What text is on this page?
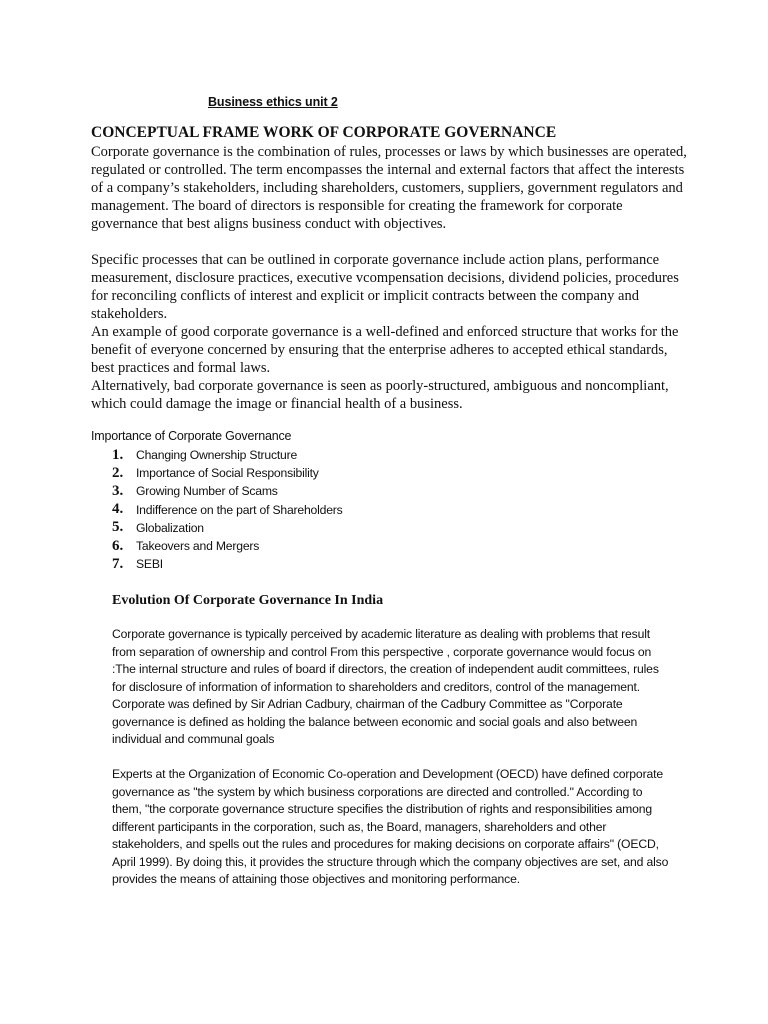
Business ethics unit 2
CONCEPTUAL FRAME WORK OF CORPORATE GOVERNANCE

Corporate governance is the combination of rules, processes or laws by which businesses are operated, regulated or controlled. The term encompasses the internal and external factors that affect the interests of a company’s stakeholders, including shareholders, customers, suppliers, government regulators and management. The board of directors is responsible for creating the framework for corporate governance that best aligns business conduct with objectives.

Specific processes that can be outlined in corporate governance include action plans, performance measurement, disclosure practices, executive vcompensation decisions, dividend policies, procedures for reconciling conflicts of interest and explicit or implicit contracts between the company and stakeholders.

An example of good corporate governance is a well-defined and enforced structure that works for the benefit of everyone concerned by ensuring that the enterprise adheres to accepted ethical standards, best practices and formal laws.

Alternatively, bad corporate governance is seen as poorly-structured, ambiguous and noncompliant, which could damage the image or financial health of a business.

Importance of Corporate Governance
1.	Changing Ownership Structure
2.	Importance of Social Responsibility
3.	Growing Number of Scams
4.	Indifference on the part of Shareholders
5.	Globalization
6.	Takeovers and Mergers
7.	SEBI
Evolution Of Corporate Governance In India

Corporate governance is typically perceived by academic literature as dealing with problems that result from separation of ownership and control From this perspective , corporate governance would focus on :The internal structure and rules of board if directors, the creation of independent audit committees, rules for disclosure of information of information to shareholders and creditors, control of the management. Corporate was defined by Sir Adrian Cadbury, chairman of the Cadbury Committee as "Corporate governance is defined as holding the balance between economic and social goals and also between individual and communal goals

Experts at the Organization of Economic Co-operation and Development (OECD) have defined corporate governance as "the system by which business corporations are directed and controlled." According to them, "the corporate governance structure specifies the distribution of rights and responsibilities among different participants in the corporation, such as, the Board, managers, shareholders and other stakeholders, and spells out the rules and procedures for making decisions on corporate affairs" (OECD, April 1999). By doing this, it provides the structure through which the company objectives are set, and also provides the means of attaining those objectives and monitoring performance.
